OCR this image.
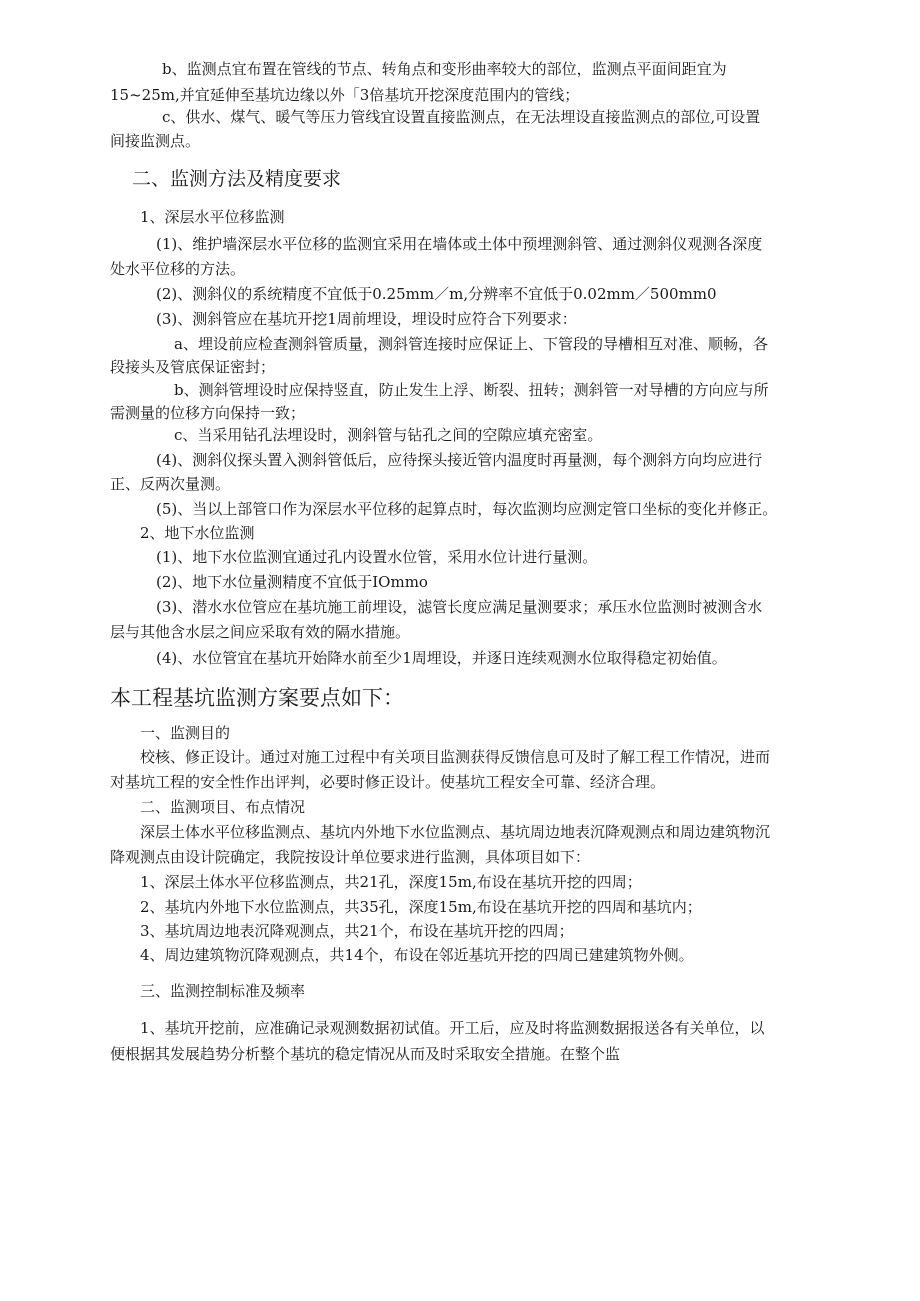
b、监测点宜布置在管线的节点、转角点和变形曲率较大的部位，监测点平面间距宜为
15~25m,并宜延伸至基坑边缘以外「3倍基坑开挖深度范围内的管线；
c、供水、煤气、暖气等压力管线宜设置直接监测点，在无法埋设直接监测点的部位,可设置
间接监测点。
二、监测方法及精度要求
1、深层水平位移监测
(1)、维护墙深层水平位移的监测宜采用在墙体或土体中预埋测斜管、通过测斜仪观测各深度
处水平位移的方法。
(2)、测斜仪的系统精度不宜低于0.25mm／m,分辨率不宜低于0.02mm／500mm0
(3)、测斜管应在基坑开挖1周前埋设，埋设时应符合下列要求：
a、埋设前应检查测斜管质量，测斜管连接时应保证上、下管段的导槽相互对准、顺畅，各
段接头及管底保证密封；
b、测斜管埋设时应保持竖直，防止发生上浮、断裂、扭转；测斜管一对导槽的方向应与所
需测量的位移方向保持一致；
c、当采用钻孔法埋设时，测斜管与钻孔之间的空隙应填充密室。
(4)、测斜仪探头置入测斜管低后，应待探头接近管内温度时再量测，每个测斜方向均应进行
正、反两次量测。
(5)、当以上部管口作为深层水平位移的起算点时，每次监测均应测定管口坐标的变化并修正。
2、地下水位监测
(1)、地下水位监测宜通过孔内设置水位管，采用水位计进行量测。
(2)、地下水位量测精度不宜低于IOmmo
(3)、潜水水位管应在基坑施工前埋设，滤管长度应满足量测要求；承压水位监测时被测含水
层与其他含水层之间应采取有效的隔水措施。
(4)、水位管宜在基坑开始降水前至少1周埋设，并逐日连续观测水位取得稳定初始值。
本工程基坑监测方案要点如下：
一、监测目的
校核、修正设计。通过对施工过程中有关项目监测获得反馈信息可及时了解工程工作情况，进而
对基坑工程的安全性作出评判，必要时修正设计。使基坑工程安全可靠、经济合理。
二、监测项目、布点情况
深层土体水平位移监测点、基坑内外地下水位监测点、基坑周边地表沉降观测点和周边建筑物沉
降观测点由设计院确定，我院按设计单位要求进行监测，具体项目如下：
1、深层土体水平位移监测点，共21孔，深度15m,布设在基坑开挖的四周；
2、基坑内外地下水位监测点，共35孔，深度15m,布设在基坑开挖的四周和基坑内；
3、基坑周边地表沉降观测点，共21个，布设在基坑开挖的四周；
4、周边建筑物沉降观测点，共14个，布设在邻近基坑开挖的四周已建建筑物外侧。
三、监测控制标准及频率
1、基坑开挖前，应准确记录观测数据初试值。开工后，应及时将监测数据报送各有关单位，以
便根据其发展趋势分析整个基坑的稳定情况从而及时采取安全措施。在整个监
